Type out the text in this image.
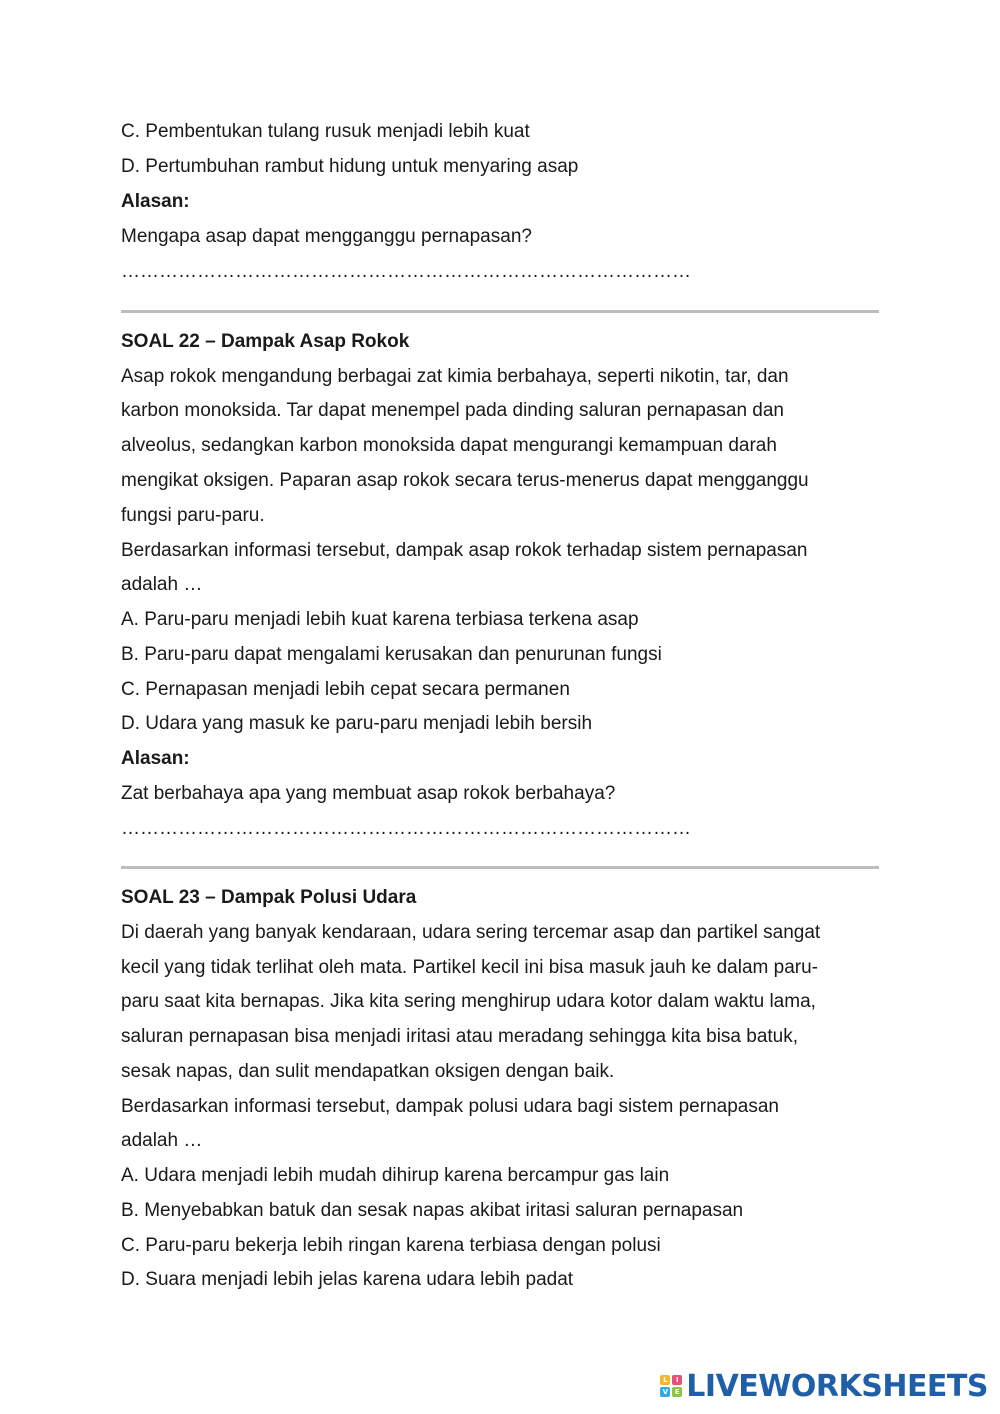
C. Pembentukan tulang rusuk menjadi lebih kuat
D. Pertumbuhan rambut hidung untuk menyaring asap
Alasan:
Mengapa asap dapat mengganggu pernapasan?
………………………………………………………………………………
SOAL 22 – Dampak Asap Rokok
Asap rokok mengandung berbagai zat kimia berbahaya, seperti nikotin, tar, dan
karbon monoksida. Tar dapat menempel pada dinding saluran pernapasan dan
alveolus, sedangkan karbon monoksida dapat mengurangi kemampuan darah
mengikat oksigen. Paparan asap rokok secara terus-menerus dapat mengganggu
fungsi paru-paru.
Berdasarkan informasi tersebut, dampak asap rokok terhadap sistem pernapasan
adalah …
A. Paru-paru menjadi lebih kuat karena terbiasa terkena asap
B. Paru-paru dapat mengalami kerusakan dan penurunan fungsi
C. Pernapasan menjadi lebih cepat secara permanen
D. Udara yang masuk ke paru-paru menjadi lebih bersih
Alasan:
Zat berbahaya apa yang membuat asap rokok berbahaya?
………………………………………………………………………………
SOAL 23 – Dampak Polusi Udara
Di daerah yang banyak kendaraan, udara sering tercemar asap dan partikel sangat
kecil yang tidak terlihat oleh mata. Partikel kecil ini bisa masuk jauh ke dalam paru-
paru saat kita bernapas. Jika kita sering menghirup udara kotor dalam waktu lama,
saluran pernapasan bisa menjadi iritasi atau meradang sehingga kita bisa batuk,
sesak napas, dan sulit mendapatkan oksigen dengan baik.
Berdasarkan informasi tersebut, dampak polusi udara bagi sistem pernapasan
adalah …
A. Udara menjadi lebih mudah dihirup karena bercampur gas lain
B. Menyebabkan batuk dan sesak napas akibat iritasi saluran pernapasan
C. Paru-paru bekerja lebih ringan karena terbiasa dengan polusi
D. Suara menjadi lebih jelas karena udara lebih padat
L	I
V E LIVEWORKSHEETS
